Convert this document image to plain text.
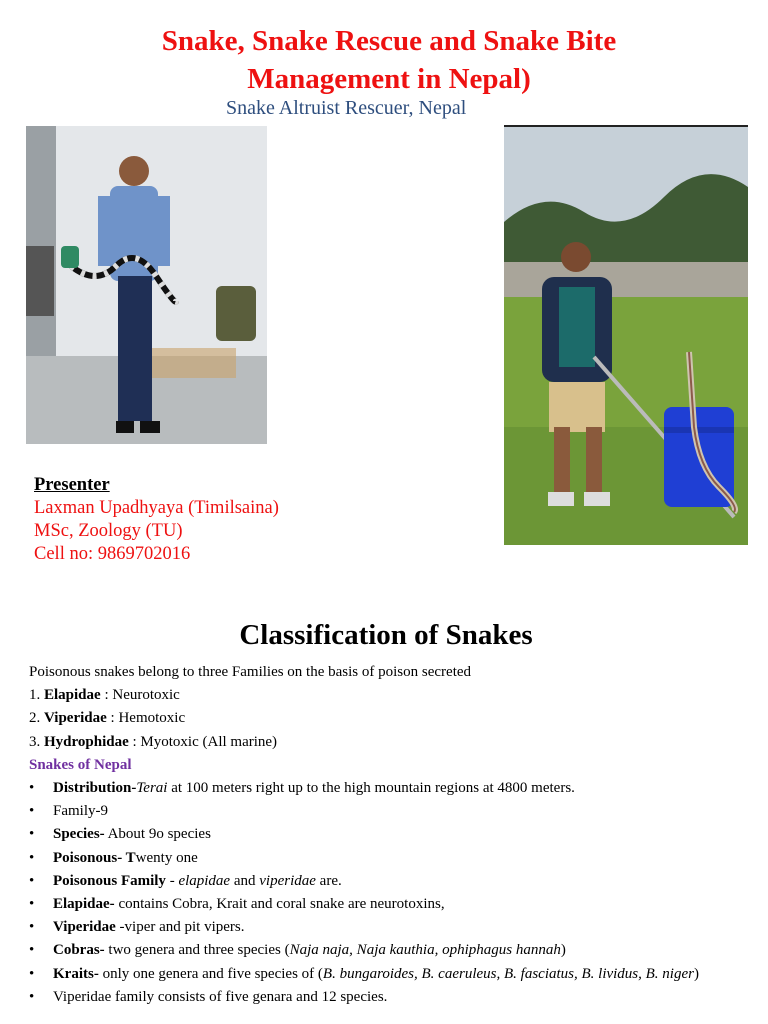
Snake, Snake Rescue and Snake Bite
Management in Nepal)
Snake Altruist Rescuer, Nepal
Presenter
Laxman Upadhyaya (Timilsaina)
MSc, Zoology (TU)
Cell no: 9869702016
Classification of Snakes
Poisonous snakes belong to three Families on the basis of poison secreted
1. Elapidae : Neurotoxic
2. Viperidae : Hemotoxic
3. Hydrophidae : Myotoxic (All marine)
Snakes of Nepal
• Distribution-Terai at 100 meters right up to the high mountain regions at 4800 meters.
• Family-9
• Species- About 9o species
• Poisonous- Twenty one
• Poisonous Family - elapidae and viperidae are.
• Elapidae- contains Cobra, Krait and coral snake are neurotoxins,
• Viperidae -viper and pit vipers.
• Cobras- two genera and three species (Naja naja, Naja kauthia, ophiphagus hannah)
• Kraits- only one genera and five species of (B. bungaroides, B. caeruleus, B. fasciatus, B. lividus, B. niger)
• Viperidae family consists of five genara and 12 species.
